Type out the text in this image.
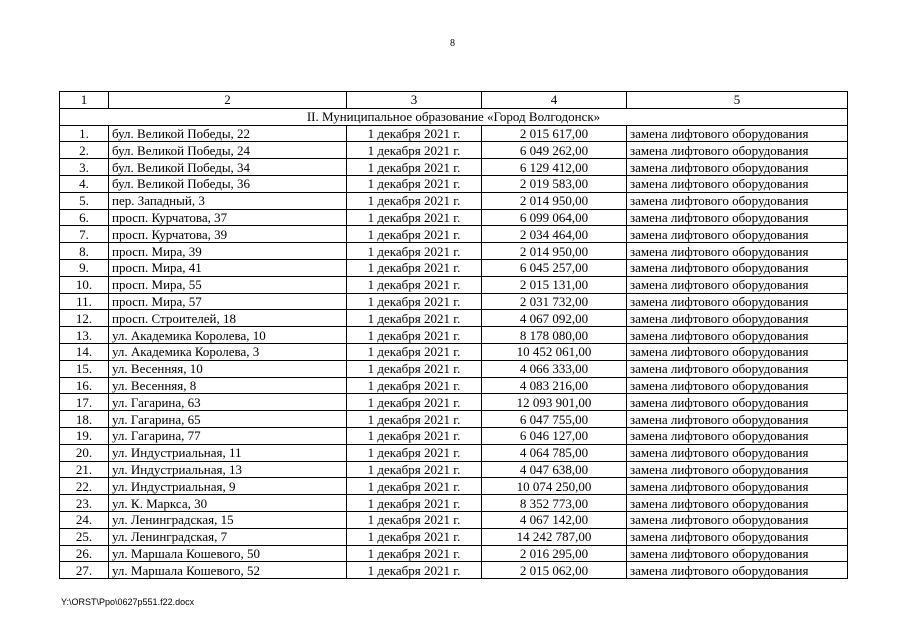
8
1	2	3	4	5
II. Муниципальное образование «Город Волгодонск»				
1.	бул. Великой Победы, 22	1 декабря 2021 г.	2 015 617,00	замена лифтового оборудования
2.	бул. Великой Победы, 24	1 декабря 2021 г.	6 049 262,00	замена лифтового оборудования
3.	бул. Великой Победы, 34	1 декабря 2021 г.	6 129 412,00	замена лифтового оборудования
4.	бул. Великой Победы, 36	1 декабря 2021 г.	2 019 583,00	замена лифтового оборудования
5.	пер. Западный, 3	1 декабря 2021 г.	2 014 950,00	замена лифтового оборудования
6.	просп. Курчатова, 37	1 декабря 2021 г.	6 099 064,00	замена лифтового оборудования
7.	просп. Курчатова, 39	1 декабря 2021 г.	2 034 464,00	замена лифтового оборудования
8.	просп. Мира, 39	1 декабря 2021 г.	2 014 950,00	замена лифтового оборудования
9.	просп. Мира, 41	1 декабря 2021 г.	6 045 257,00	замена лифтового оборудования
10.	просп. Мира, 55	1 декабря 2021 г.	2 015 131,00	замена лифтового оборудования
11.	просп. Мира, 57	1 декабря 2021 г.	2 031 732,00	замена лифтового оборудования
12.	просп. Строителей, 18	1 декабря 2021 г.	4 067 092,00	замена лифтового оборудования
13.	ул. Академика Королева, 10	1 декабря 2021 г.	8 178 080,00	замена лифтового оборудования
14.	ул. Академика Королева, 3	1 декабря 2021 г.	10 452 061,00	замена лифтового оборудования
15.	ул. Весенняя, 10	1 декабря 2021 г.	4 066 333,00	замена лифтового оборудования
16.	ул. Весенняя, 8	1 декабря 2021 г.	4 083 216,00	замена лифтового оборудования
17.	ул. Гагарина, 63	1 декабря 2021 г.	12 093 901,00	замена лифтового оборудования
18.	ул. Гагарина, 65	1 декабря 2021 г.	6 047 755,00	замена лифтового оборудования
19.	ул. Гагарина, 77	1 декабря 2021 г.	6 046 127,00	замена лифтового оборудования
20.	ул. Индустриальная, 11	1 декабря 2021 г.	4 064 785,00	замена лифтового оборудования
21.	ул. Индустриальная, 13	1 декабря 2021 г.	4 047 638,00	замена лифтового оборудования
22.	ул. Индустриальная, 9	1 декабря 2021 г.	10 074 250,00	замена лифтового оборудования
23.	ул. К. Маркса, 30	1 декабря 2021 г.	8 352 773,00	замена лифтового оборудования
24.	ул. Ленинградская, 15	1 декабря 2021 г.	4 067 142,00	замена лифтового оборудования
25.	ул. Ленинградская, 7	1 декабря 2021 г.	14 242 787,00	замена лифтового оборудования
26.	ул. Маршала Кошевого, 50	1 декабря 2021 г.	2 016 295,00	замена лифтового оборудования
27.	ул. Маршала Кошевого, 52	1 декабря 2021 г.	2 015 062,00	замена лифтового оборудования
Y:\ORST\Ppo\0627p551.f22.docx
